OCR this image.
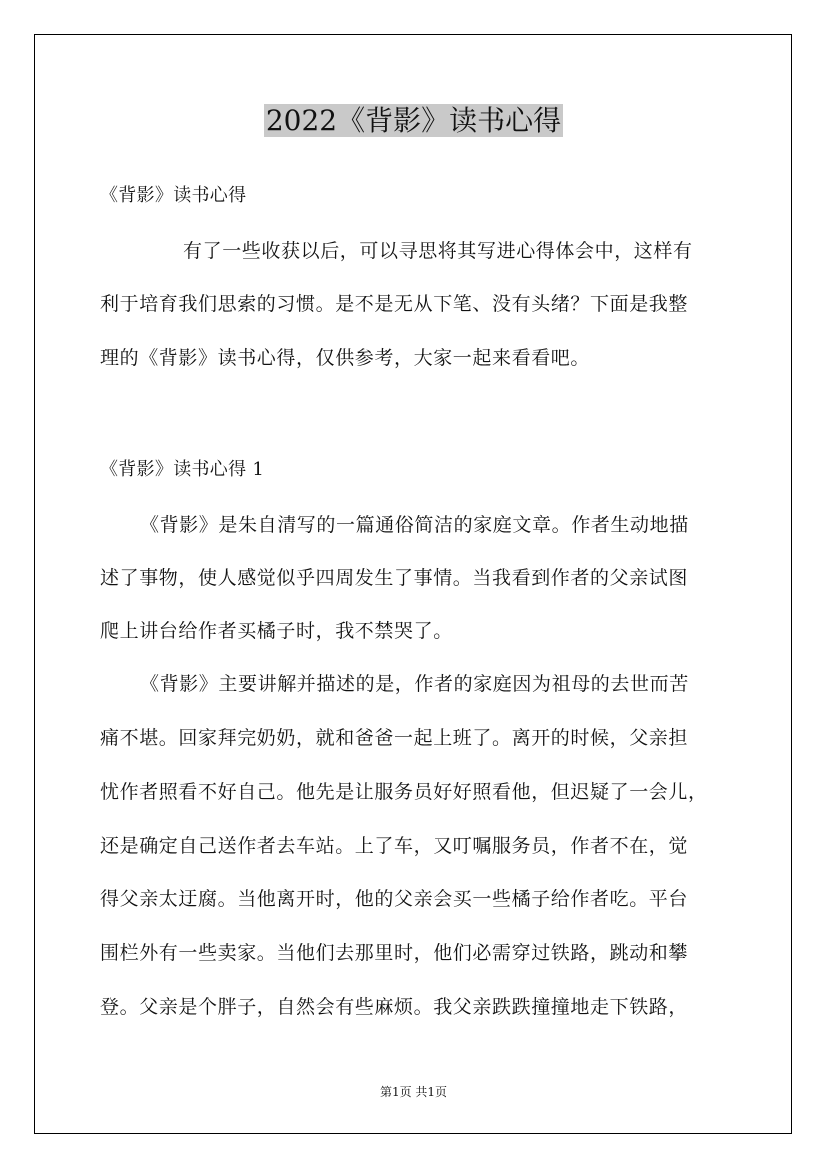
2022《背影》读书心得
《背影》读书心得
有了一些收获以后，可以寻思将其写进心得体会中，这样有
利于培育我们思索的习惯。是不是无从下笔、没有头绪？下面是我整
理的《背影》读书心得，仅供参考，大家一起来看看吧。
《背影》读书心得 1
《背影》是朱自清写的一篇通俗简洁的家庭文章。作者生动地描
述了事物，使人感觉似乎四周发生了事情。当我看到作者的父亲试图
爬上讲台给作者买橘子时，我不禁哭了。
《背影》主要讲解并描述的是，作者的家庭因为祖母的去世而苦
痛不堪。回家拜完奶奶，就和爸爸一起上班了。离开的时候，父亲担
忧作者照看不好自己。他先是让服务员好好照看他，但迟疑了一会儿，
还是确定自己送作者去车站。上了车，又叮嘱服务员，作者不在，觉
得父亲太迂腐。当他离开时，他的父亲会买一些橘子给作者吃。平台
围栏外有一些卖家。当他们去那里时，他们必需穿过铁路，跳动和攀
登。父亲是个胖子，自然会有些麻烦。我父亲跌跌撞撞地走下铁路，
第1页 共1页
